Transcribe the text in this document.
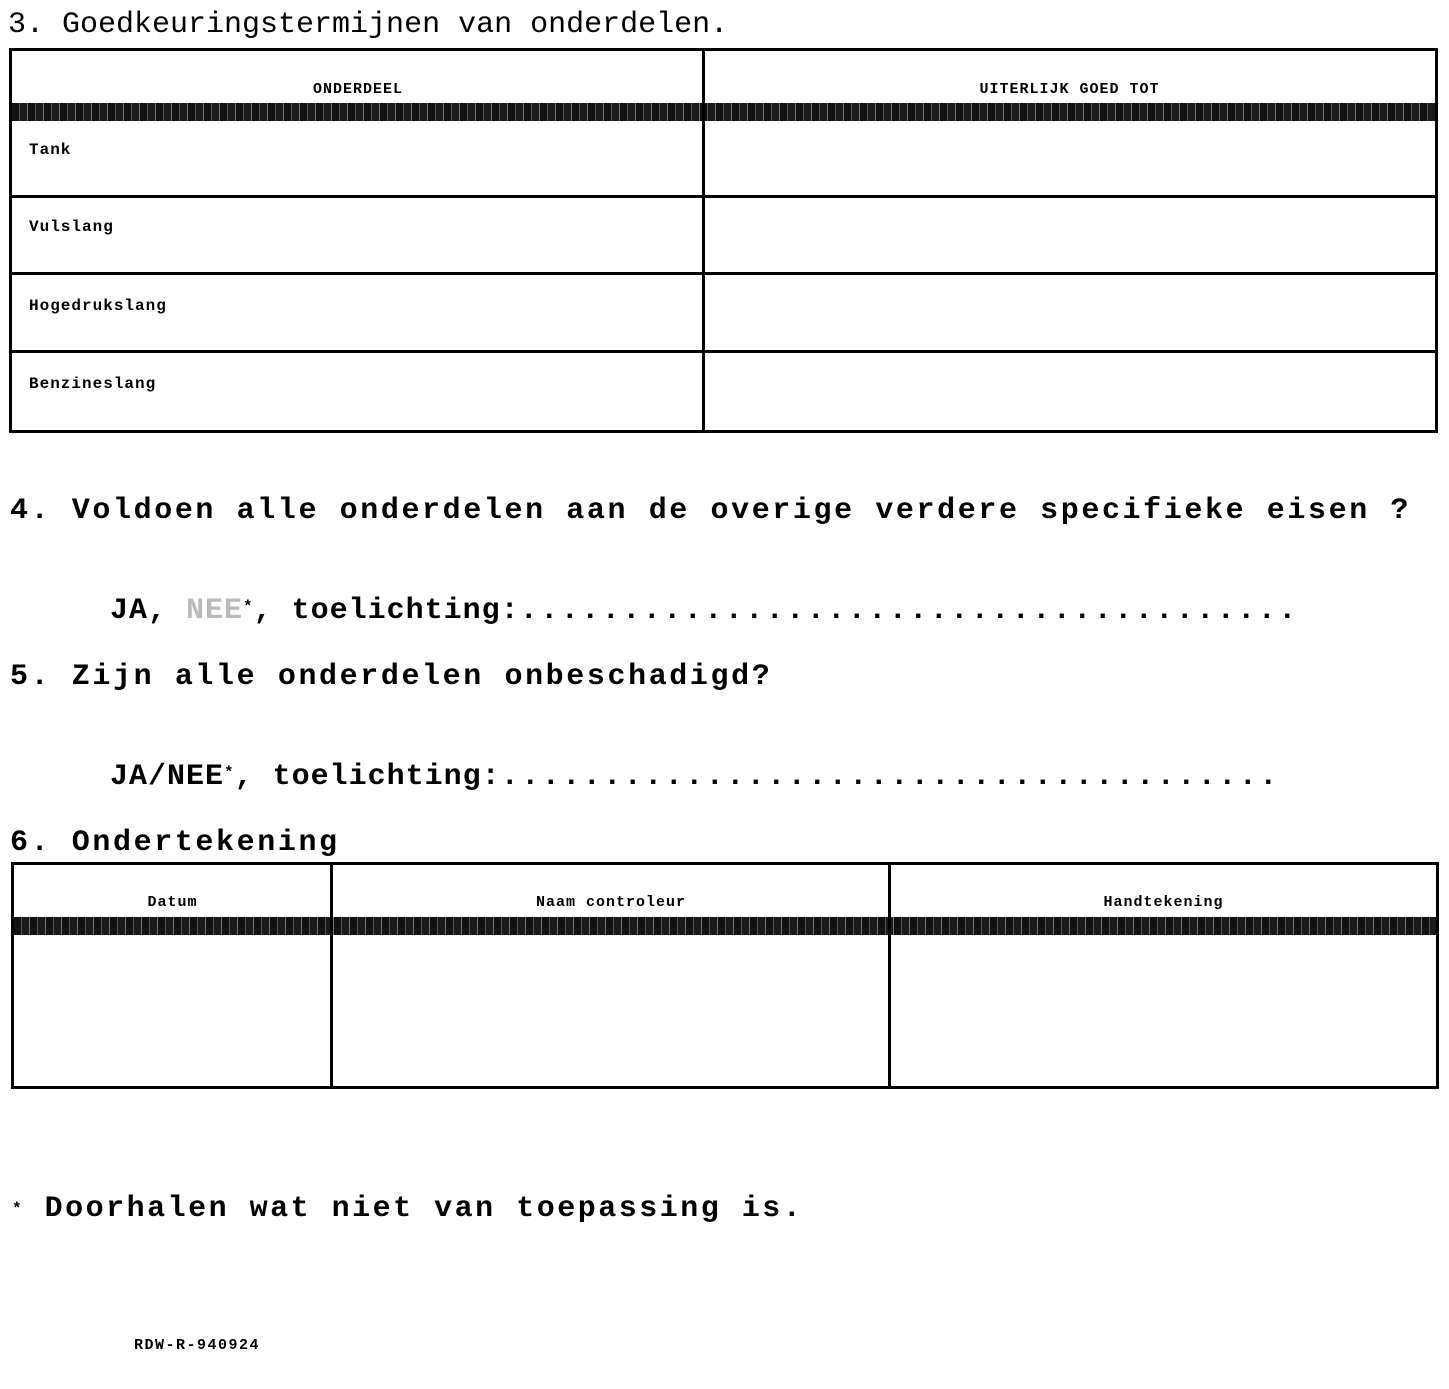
3. Goedkeuringstermijnen van onderdelen.
ONDERDEEL	UITERLIJK GOED TOT
Tank
Vulslang
Hogedrukslang
Benzineslang
4. Voldoen alle onderdelen aan de overige verdere specifieke eisen ?
JA, NEE*, toelichting:......................................
5. Zijn alle onderdelen onbeschadigd?
JA/NEE*, toelichting:......................................
6. Ondertekening
Datum	Naam controleur	Handtekening
* Doorhalen wat niet van toepassing is.
RDW-R-940924
